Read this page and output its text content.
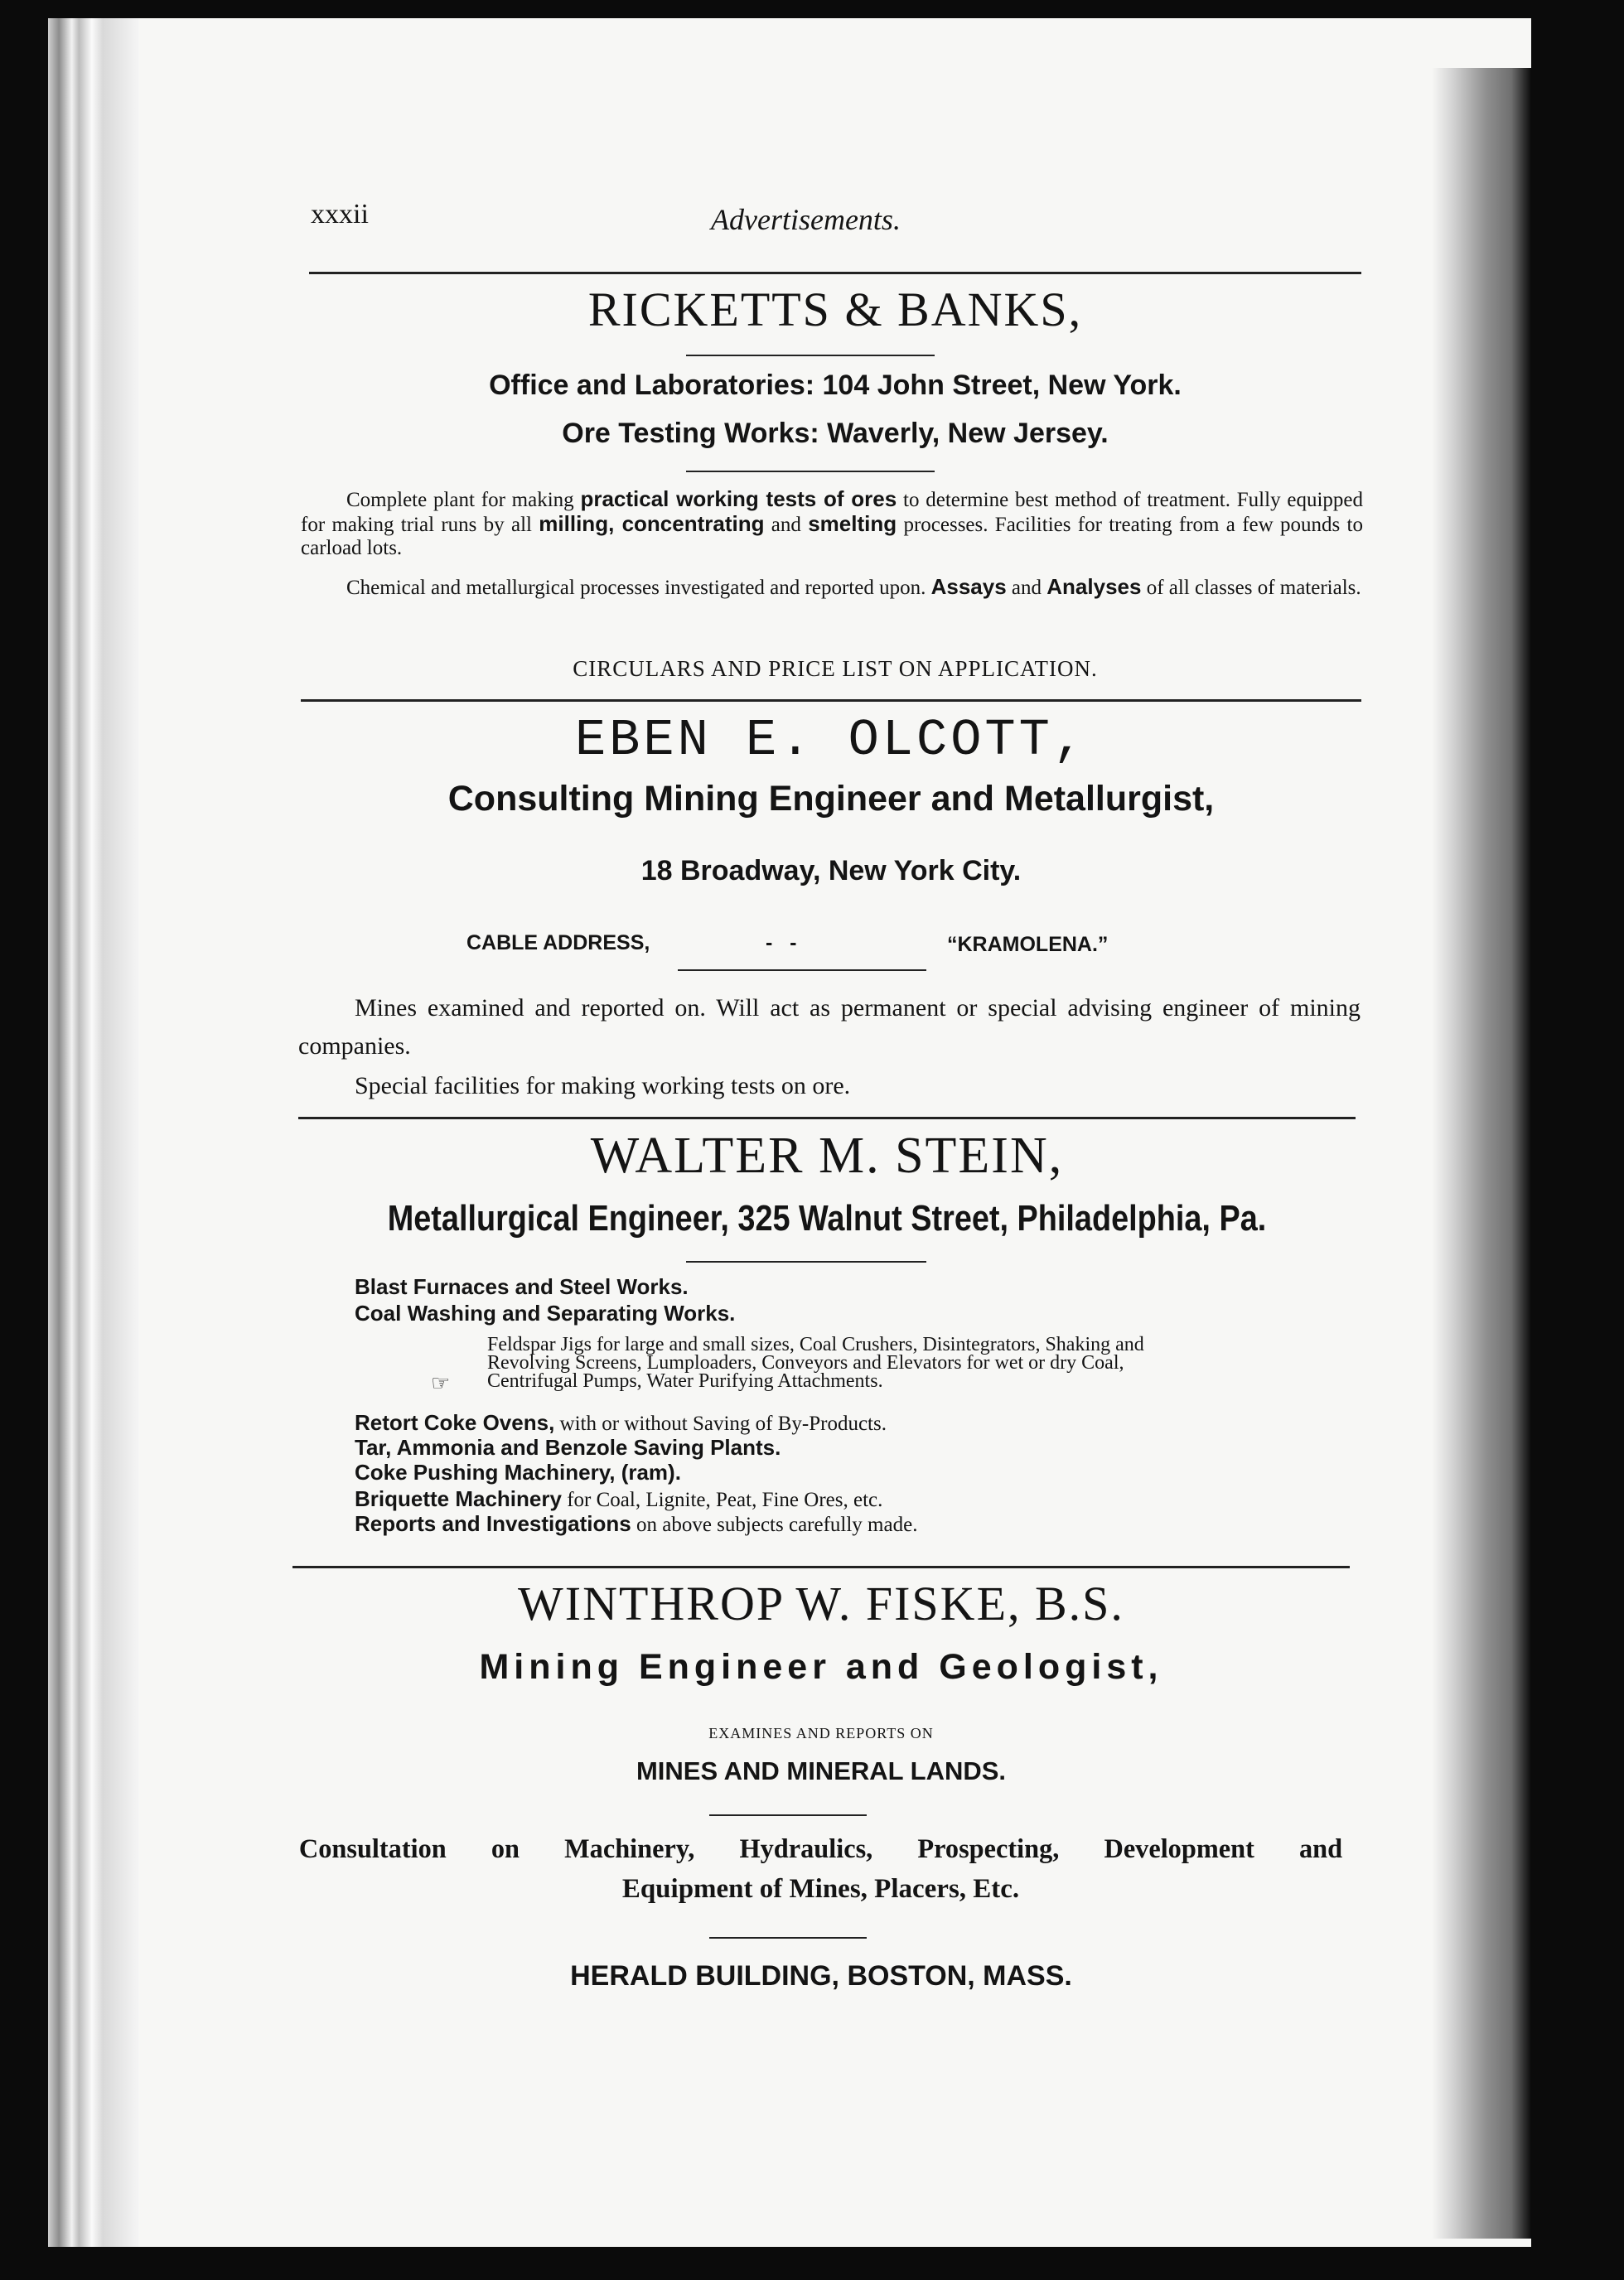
xxxii	Advertisements.
RICKETTS & BANKS,
Office and Laboratories: 104 John Street, New York.
Ore Testing Works: Waverly, New Jersey.
Complete plant for making practical working tests of ores to determine best method of treatment. Fully equipped for making trial runs by all milling, concentrating and smelting processes. Facilities for treating from a few pounds to carload lots.
Chemical and metallurgical processes investigated and reported upon. Assays and Analyses of all classes of materials.
CIRCULARS AND PRICE LIST ON APPLICATION.
EBEN E. OLCOTT,
Consulting Mining Engineer and Metallurgist,
18 Broadway, New York City.
CABLE ADDRESS,	-   -	“KRAMOLENA.”
Mines examined and reported on. Will act as permanent or special advising engineer of mining companies.
Special facilities for making working tests on ore.
WALTER M. STEIN,
Metallurgical Engineer, 325 Walnut Street, Philadelphia, Pa.
Blast Furnaces and Steel Works.
Coal Washing and Separating Works.
☞
Feldspar Jigs for large and small sizes, Coal Crushers, Disintegrators, Shaking and
Revolving Screens, Lumploaders, Conveyors and Elevators for wet or dry Coal,
Centrifugal Pumps, Water Purifying Attachments.
Retort Coke Ovens, with or without Saving of By-Products.
Tar, Ammonia and Benzole Saving Plants.
Coke Pushing Machinery, (ram).
Briquette Machinery for Coal, Lignite, Peat, Fine Ores, etc.
Reports and Investigations on above subjects carefully made.
WINTHROP W. FISKE, B.S.
Mining Engineer and Geologist,
EXAMINES AND REPORTS ON
MINES AND MINERAL LANDS.
Consultation on Machinery, Hydraulics, Prospecting, Development and
Equipment of Mines, Placers, Etc.
HERALD BUILDING, BOSTON, MASS.
